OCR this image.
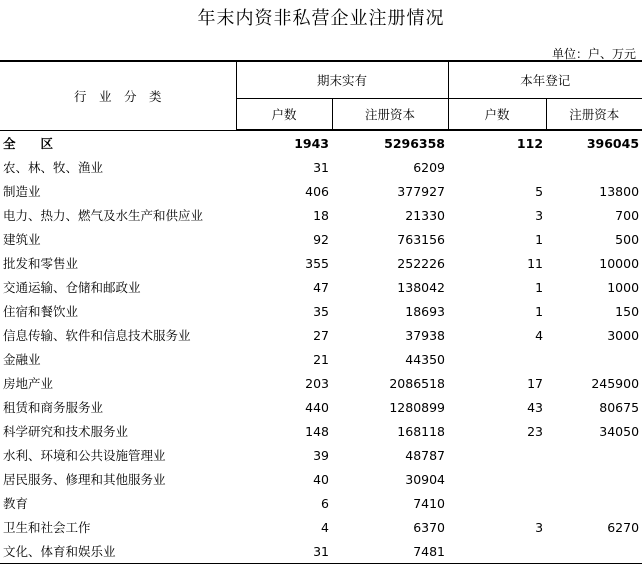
年末内资非私营企业注册情况
单位：户、万元
行　业　分　类	期末实有		本年登记	
	户数	注册资本	户数	注册资本
全　　区	1943	5296358	112	396045
农、林、牧、渔业	31	6209		
制造业	406	377927	5	13800
电力、热力、燃气及水生产和供应业	18	21330	3	700
建筑业	92	763156	1	500
批发和零售业	355	252226	11	10000
交通运输、仓储和邮政业	47	138042	1	1000
住宿和餐饮业	35	18693	1	150
信息传输、软件和信息技术服务业	27	37938	4	3000
金融业	21	44350		
房地产业	203	2086518	17	245900
租赁和商务服务业	440	1280899	43	80675
科学研究和技术服务业	148	168118	23	34050
水利、环境和公共设施管理业	39	48787		
居民服务、修理和其他服务业	40	30904		
教育	6	7410		
卫生和社会工作	4	6370	3	6270
文化、体育和娱乐业	31	7481		
